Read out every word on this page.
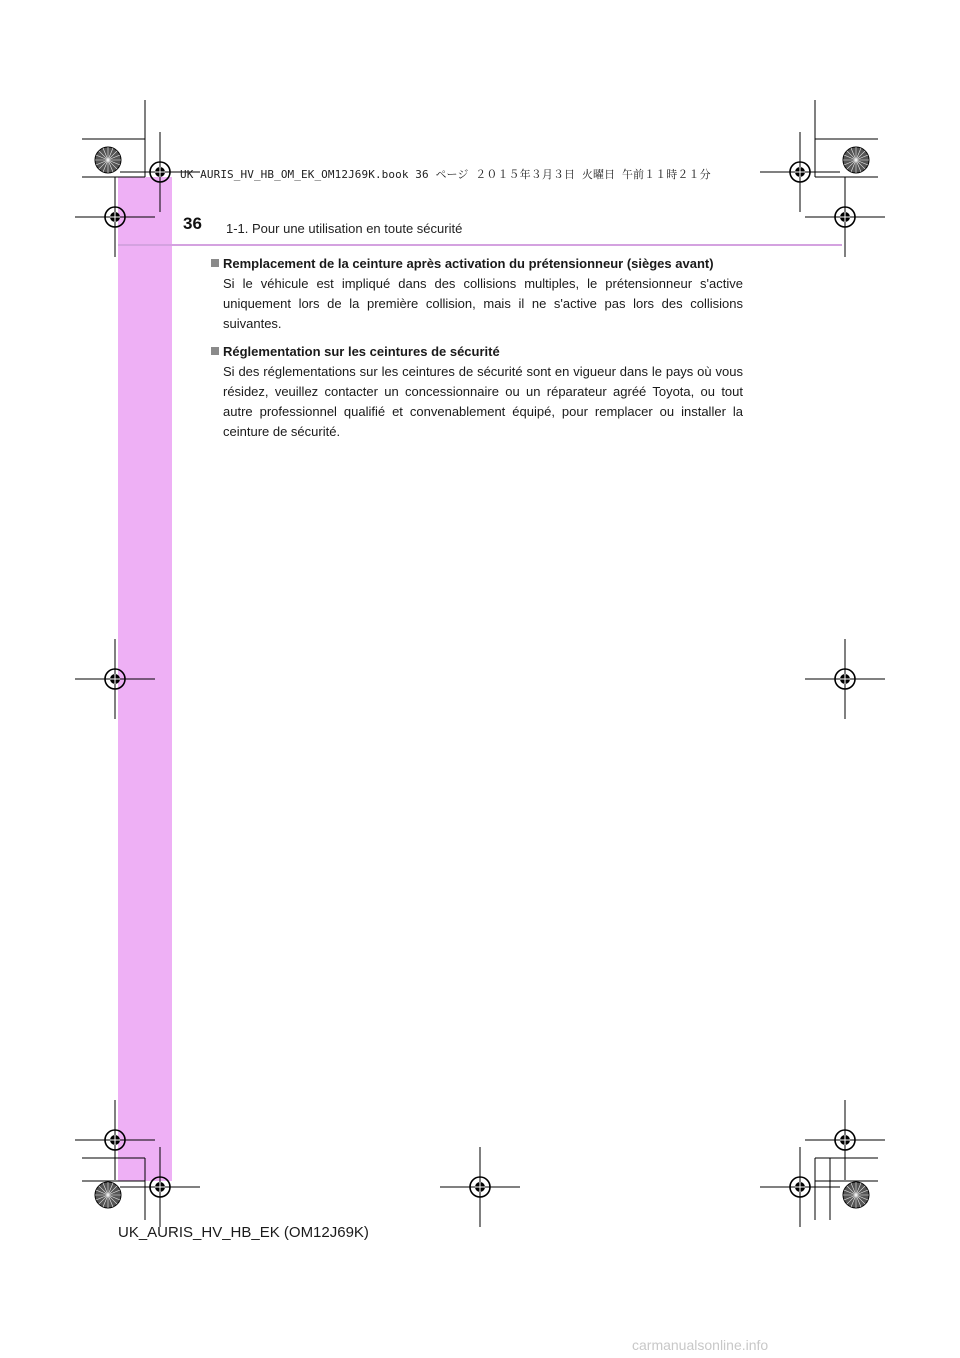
UK AURIS_HV_HB_OM_EK_OM12J69K.book 36 ページ ２０１５年３月３日 火曜日 午前１１時２１分
36 1-1. Pour une utilisation en toute sécurité
Remplacement de la ceinture après activation du prétensionneur (sièges avant)
Si le véhicule est impliqué dans des collisions multiples, le prétensionneur s'active uniquement lors de la première collision, mais il ne s'active pas lors des collisions suivantes.
Réglementation sur les ceintures de sécurité
Si des réglementations sur les ceintures de sécurité sont en vigueur dans le pays où vous résidez, veuillez contacter un concessionnaire ou un réparateur agréé Toyota, ou tout autre professionnel qualifié et convenablement équipé, pour remplacer ou installer la ceinture de sécurité.
UK_AURIS_HV_HB_EK (OM12J69K)
carmanualsonline.info
